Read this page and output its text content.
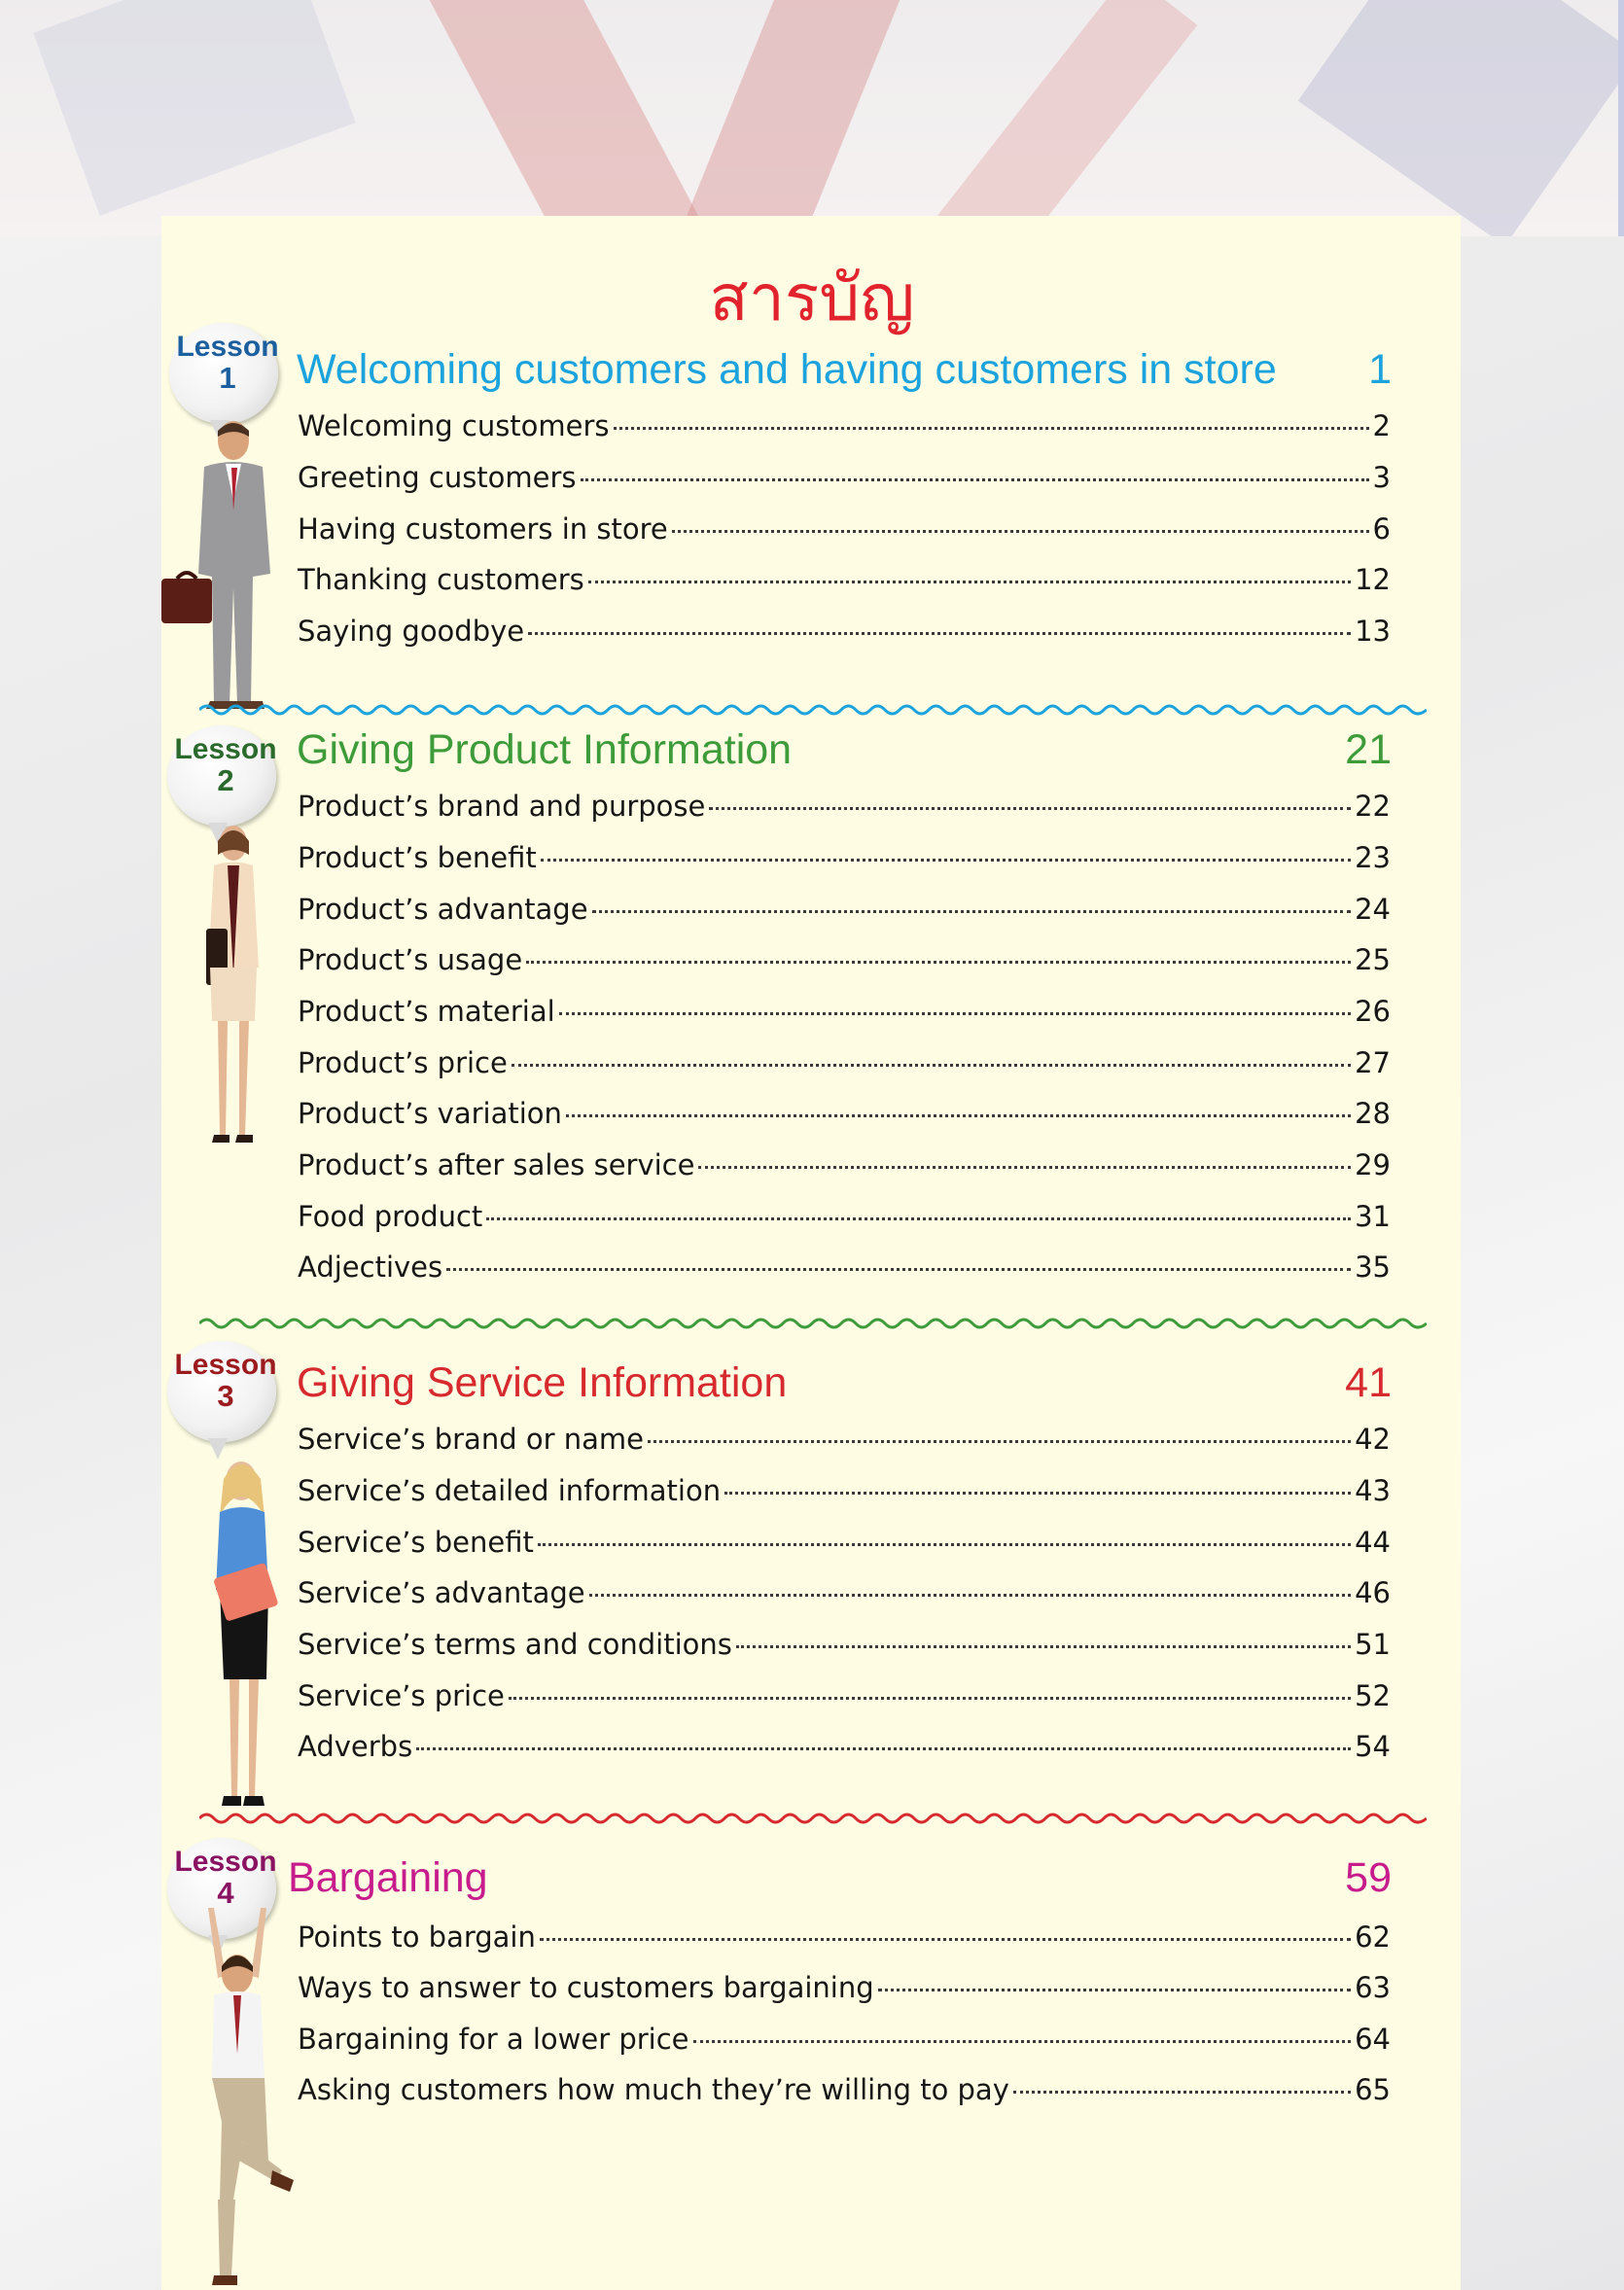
สารบัญ
Lesson
1	Welcoming customers and having customers in store 1
Welcoming customers	2
Greeting customers	3
Having customers in store	6
Thanking customers	12
Saying goodbye	13
Lesson
2
Giving Product Information	21
Product’s brand and purpose	22
Product’s benefit	23
Product’s advantage	24
Product’s usage	25
Product’s material	26
Product’s price	27
Product’s variation	28
Product’s after sales service	29
Food product	31
Adjectives	35
Lesson
3	Giving Service Information	41
Service’s brand or name	42
Service’s detailed information	43
Service’s benefit	44
Service’s advantage	46
Service’s terms and conditions	51
Service’s price	52
Adverbs	54
Lesson
4	Bargaining	59
Points to bargain	62
Ways to answer to customers bargaining	63
Bargaining for a lower price	64
Asking customers how much they’re willing to pay	65
